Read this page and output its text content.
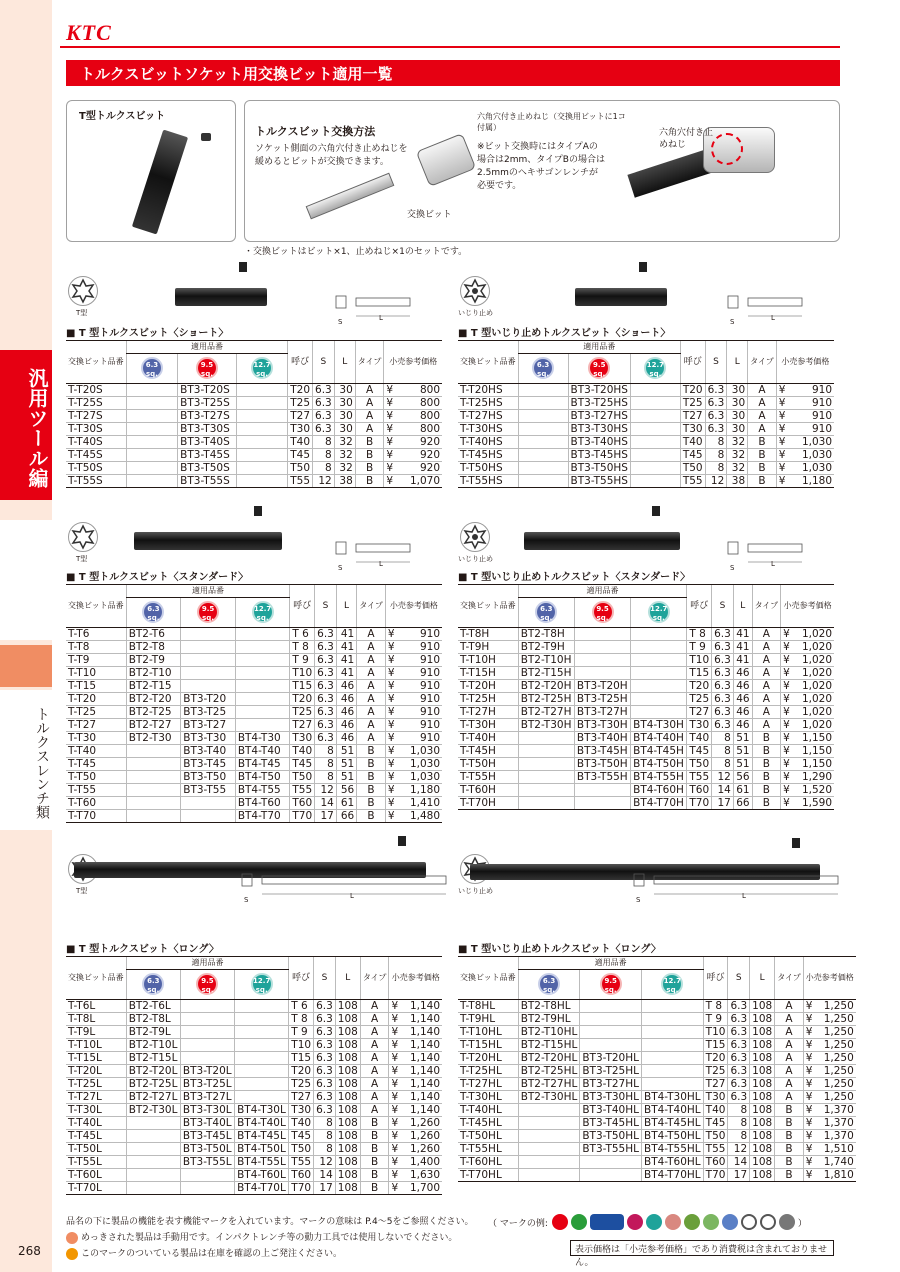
汎用ツール編
トルクスレンチ類
268
KTC
トルクスビットソケット用交換ビット適用一覧
T型トルクスビット
トルクスビット交換方法
ソケット側面の六角穴付き止めねじを緩めるとビットが交換できます。
交換ビット
六角穴付き止めねじ（交換用ビットに1コ付属）
※ビット交換時にはタイプAの場合は2mm、タイプBの場合は2.5mmのヘキサゴンレンチが必要です。
六角穴付き止めねじ
・交換ビットはビット×1、止めねじ×1のセットです。
T型
S	L
いじり止め
S	L
T型
S	L
いじり止め
S	L
T型
S	L
いじり止め
S	L
■ T 型トルクスビット〈ショート〉
交換ビット品番	適用品番			呼び	S	L	タイプ	小売参考価格	
	6.3
sq.	9.5
sq.	12.7
sq.						
T-T20S		BT3-T20S		T20	6.3	30	A	¥	800
T-T25S		BT3-T25S		T25	6.3	30	A	¥	800
T-T27S		BT3-T27S		T27	6.3	30	A	¥	800
T-T30S		BT3-T30S		T30	6.3	30	A	¥	800
T-T40S		BT3-T40S		T40	8	32	B	¥	920
T-T45S		BT3-T45S		T45	8	32	B	¥	920
T-T50S		BT3-T50S		T50	8	32	B	¥	920
T-T55S		BT3-T55S		T55	12	38	B	¥	1,070
■ T 型いじり止めトルクスビット〈ショート〉
交換ビット品番	適用品番			呼び	S	L	タイプ	小売参考価格	
	6.3
sq.	9.5
sq.	12.7
sq.						
T-T20HS		BT3-T20HS		T20	6.3	30	A	¥	910
T-T25HS		BT3-T25HS		T25	6.3	30	A	¥	910
T-T27HS		BT3-T27HS		T27	6.3	30	A	¥	910
T-T30HS		BT3-T30HS		T30	6.3	30	A	¥	910
T-T40HS		BT3-T40HS		T40	8	32	B	¥	1,030
T-T45HS		BT3-T45HS		T45	8	32	B	¥	1,030
T-T50HS		BT3-T50HS		T50	8	32	B	¥	1,030
T-T55HS		BT3-T55HS		T55	12	38	B	¥	1,180
■ T 型トルクスビット〈スタンダード〉
交換ビット品番	適用品番			呼び	S	L	タイプ	小売参考価格	
	6.3
sq.	9.5
sq.	12.7
sq.						
T-T6	BT2-T6			T 6	6.3	41	A	¥	910
T-T8	BT2-T8			T 8	6.3	41	A	¥	910
T-T9	BT2-T9			T 9	6.3	41	A	¥	910
T-T10	BT2-T10			T10	6.3	41	A	¥	910
T-T15	BT2-T15			T15	6.3	46	A	¥	910
T-T20	BT2-T20	BT3-T20		T20	6.3	46	A	¥	910
T-T25	BT2-T25	BT3-T25		T25	6.3	46	A	¥	910
T-T27	BT2-T27	BT3-T27		T27	6.3	46	A	¥	910
T-T30	BT2-T30	BT3-T30	BT4-T30	T30	6.3	46	A	¥	910
T-T40		BT3-T40	BT4-T40	T40	8	51	B	¥	1,030
T-T45		BT3-T45	BT4-T45	T45	8	51	B	¥	1,030
T-T50		BT3-T50	BT4-T50	T50	8	51	B	¥	1,030
T-T55		BT3-T55	BT4-T55	T55	12	56	B	¥	1,180
T-T60			BT4-T60	T60	14	61	B	¥	1,410
T-T70			BT4-T70	T70	17	66	B	¥	1,480
■ T 型いじり止めトルクスビット〈スタンダード〉
交換ビット品番	適用品番			呼び	S	L	タイプ	小売参考価格	
	6.3
sq.	9.5
sq.	12.7
sq.						
T-T8H	BT2-T8H			T 8	6.3	41	A	¥	1,020
T-T9H	BT2-T9H			T 9	6.3	41	A	¥	1,020
T-T10H	BT2-T10H			T10	6.3	41	A	¥	1,020
T-T15H	BT2-T15H			T15	6.3	46	A	¥	1,020
T-T20H	BT2-T20H	BT3-T20H		T20	6.3	46	A	¥	1,020
T-T25H	BT2-T25H	BT3-T25H		T25	6.3	46	A	¥	1,020
T-T27H	BT2-T27H	BT3-T27H		T27	6.3	46	A	¥	1,020
T-T30H	BT2-T30H	BT3-T30H	BT4-T30H	T30	6.3	46	A	¥	1,020
T-T40H		BT3-T40H	BT4-T40H	T40	8	51	B	¥	1,150
T-T45H		BT3-T45H	BT4-T45H	T45	8	51	B	¥	1,150
T-T50H		BT3-T50H	BT4-T50H	T50	8	51	B	¥	1,150
T-T55H		BT3-T55H	BT4-T55H	T55	12	56	B	¥	1,290
T-T60H			BT4-T60H	T60	14	61	B	¥	1,520
T-T70H			BT4-T70H	T70	17	66	B	¥	1,590
■ T 型トルクスビット〈ロング〉
交換ビット品番	適用品番			呼び	S	L	タイプ	小売参考価格	
	6.3
sq.	9.5
sq.	12.7
sq.						
T-T6L	BT2-T6L			T 6	6.3	108	A	¥	1,140
T-T8L	BT2-T8L			T 8	6.3	108	A	¥	1,140
T-T9L	BT2-T9L			T 9	6.3	108	A	¥	1,140
T-T10L	BT2-T10L			T10	6.3	108	A	¥	1,140
T-T15L	BT2-T15L			T15	6.3	108	A	¥	1,140
T-T20L	BT2-T20L	BT3-T20L		T20	6.3	108	A	¥	1,140
T-T25L	BT2-T25L	BT3-T25L		T25	6.3	108	A	¥	1,140
T-T27L	BT2-T27L	BT3-T27L		T27	6.3	108	A	¥	1,140
T-T30L	BT2-T30L	BT3-T30L	BT4-T30L	T30	6.3	108	A	¥	1,140
T-T40L		BT3-T40L	BT4-T40L	T40	8	108	B	¥	1,260
T-T45L		BT3-T45L	BT4-T45L	T45	8	108	B	¥	1,260
T-T50L		BT3-T50L	BT4-T50L	T50	8	108	B	¥	1,260
T-T55L		BT3-T55L	BT4-T55L	T55	12	108	B	¥	1,400
T-T60L			BT4-T60L	T60	14	108	B	¥	1,630
T-T70L			BT4-T70L	T70	17	108	B	¥	1,700
■ T 型いじり止めトルクスビット〈ロング〉
交換ビット品番	適用品番			呼び	S	L	タイプ	小売参考価格	
	6.3
sq.	9.5
sq.	12.7
sq.						
T-T8HL	BT2-T8HL			T 8	6.3	108	A	¥	1,250
T-T9HL	BT2-T9HL			T 9	6.3	108	A	¥	1,250
T-T10HL	BT2-T10HL			T10	6.3	108	A	¥	1,250
T-T15HL	BT2-T15HL			T15	6.3	108	A	¥	1,250
T-T20HL	BT2-T20HL	BT3-T20HL		T20	6.3	108	A	¥	1,250
T-T25HL	BT2-T25HL	BT3-T25HL		T25	6.3	108	A	¥	1,250
T-T27HL	BT2-T27HL	BT3-T27HL		T27	6.3	108	A	¥	1,250
T-T30HL	BT2-T30HL	BT3-T30HL	BT4-T30HL	T30	6.3	108	A	¥	1,250
T-T40HL		BT3-T40HL	BT4-T40HL	T40	8	108	B	¥	1,370
T-T45HL		BT3-T45HL	BT4-T45HL	T45	8	108	B	¥	1,370
T-T50HL		BT3-T50HL	BT4-T50HL	T50	8	108	B	¥	1,370
T-T55HL		BT3-T55HL	BT4-T55HL	T55	12	108	B	¥	1,510
T-T60HL			BT4-T60HL	T60	14	108	B	¥	1,740
T-T70HL			BT4-T70HL	T70	17	108	B	¥	1,810
品名の下に製品の機能を表す機能マークを入れています。マークの意味は P.4〜5をご参照ください。
めっきされた製品は手動用です。インパクトレンチ等の動力工具では使用しないでください。
このマークのついている製品は在庫を確認の上ご発注ください。
（ マークの例:	）
表示価格は「小売参考価格」であり消費税は含まれておりません。
